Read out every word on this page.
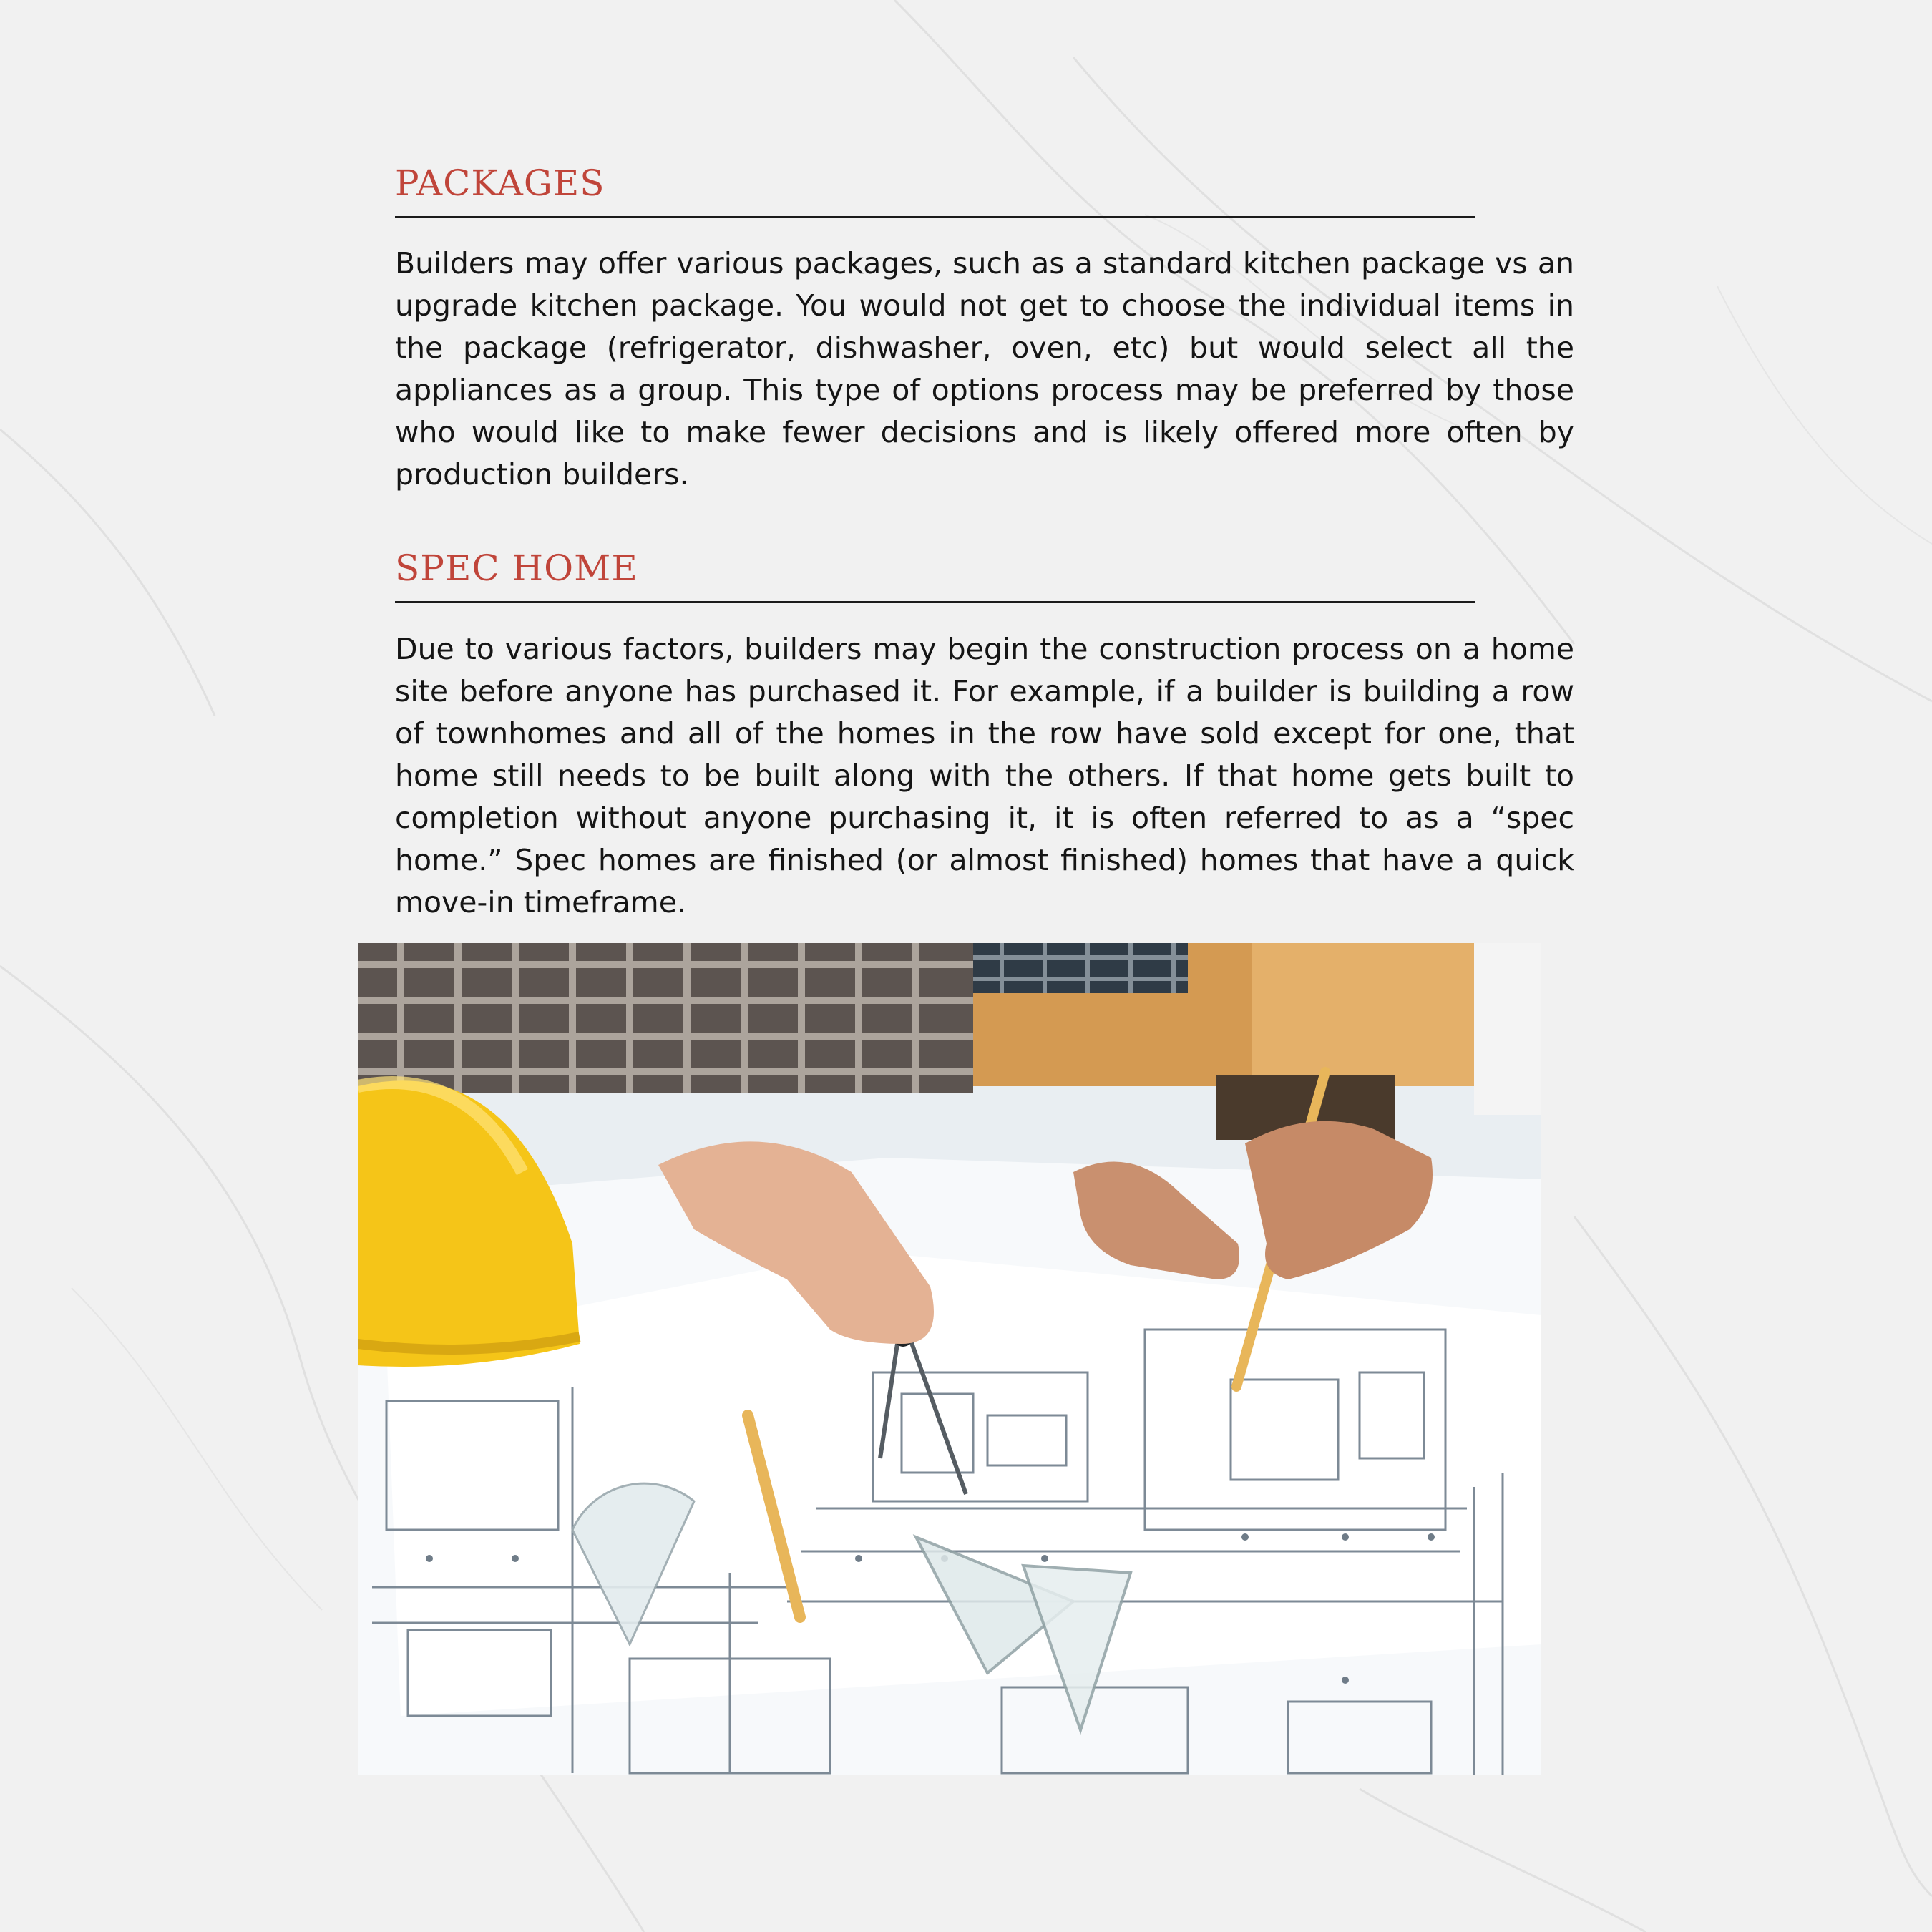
PACKAGES

Builders may offer various packages, such as a standard kitchen package vs an upgrade kitchen package. You would not get to choose the individual items in the package (refrigerator, dishwasher, oven, etc) but would select all the appliances as a group. This type of options process may be preferred by those who would like to make fewer decisions and is likely offered more often by production builders.

SPEC HOME

Due to various factors, builders may begin the construction process on a home site before anyone has purchased it. For example, if a builder is building a row of townhomes and all of the homes in the row have sold except for one, that home still needs to be built along with the others. If that home gets built to completion without anyone purchasing it, it is often referred to as a “spec home.” Spec homes are finished (or almost finished) homes that have a quick move-in timeframe.
